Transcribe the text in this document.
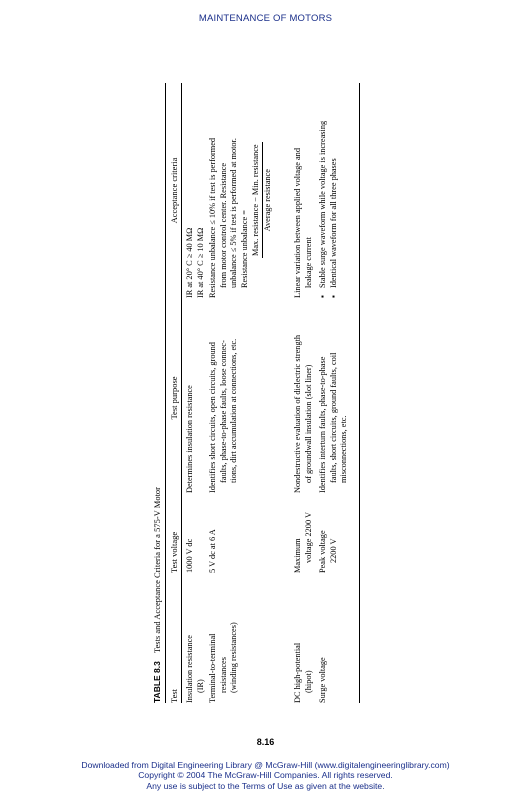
MAINTENANCE OF MOTORS
TABLE 8.3Tests and Acceptance Criteria for a 575-V Motor
Test
Test voltage
Test purpose
Acceptance criteria
Insulation resistance (IR)
1000 V dc
Determines insulation resistance
IR at 20° C ≥ 40 MΩ IR at 40° C ≥ 10 MΩ
Terminal-to-terminal resistances (winding resistances)
5 V dc at 6 A
Identifies short circuits, open circuits, ground faults, phase-to-phase faults, loose connec- tions, dirt accumulation at connections, etc.
Resistance unbalance ≤ 10% if test is performed from motor control center. Resistance unbalance ≤ 5% if test is performed at motor. Resistance unbalance = Max. resistance − Min. resistance Average resistance
DC high-potential (hipot)
Maximum voltage 2200 V
Nondestructive evaluation of dielectric strength of groundwall insulation (slot liner)
Linear variation between applied voltage and leakage current
Surge voltage
Peak voltage 2200 V
Identifies interturn faults, phase-to-phase faults, short circuits, ground faults, coil misconnections, etc.
▪ Stable surge waveform while voltage is increasing
▪ Identical waveform for all three phases
8.16
Downloaded from Digital Engineering Library @ McGraw-Hill (www.digitalengineeringlibrary.com)
Copyright © 2004 The McGraw-Hill Companies. All rights reserved.
Any use is subject to the Terms of Use as given at the website.
